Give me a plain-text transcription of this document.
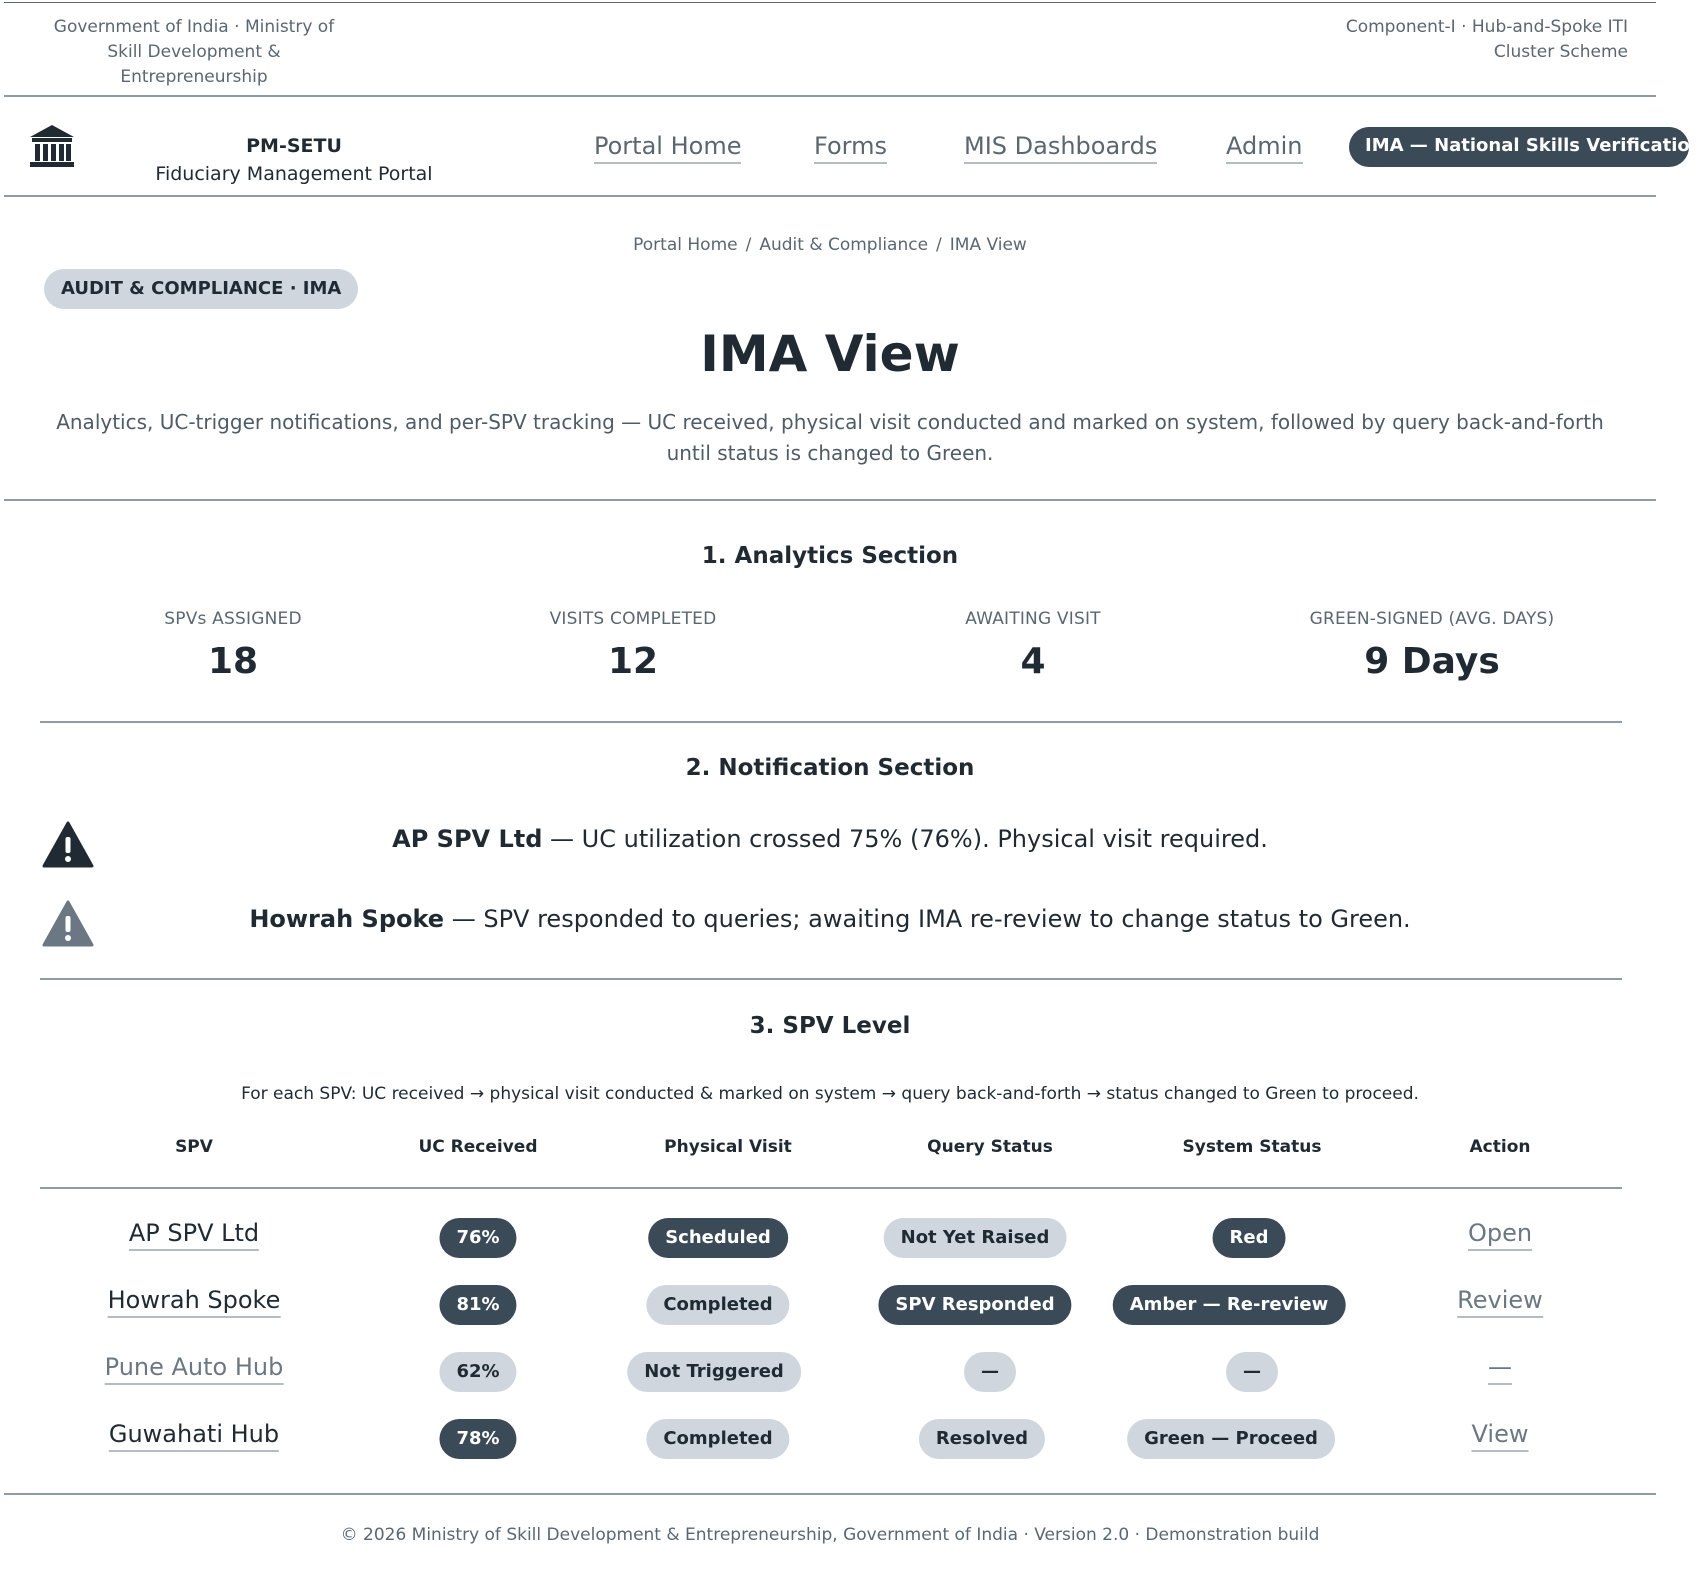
Government of India · Ministry of
Skill Development &
Entrepreneurship
Component-I · Hub-and-Spoke ITI
Cluster Scheme
PM-SETU
Fiduciary Management Portal
Portal Home	Forms	MIS Dashboards	Admin	IMA — National Skills Verification
Portal Home / Audit & Compliance / IMA View
AUDIT & COMPLIANCE · IMA
IMA View
Analytics, UC-trigger notifications, and per-SPV tracking — UC received, physical visit conducted and marked on system, followed by query back-and-forth until status is changed to Green.
1. Analytics Section
SPVs ASSIGNED
18
VISITS COMPLETED
12
AWAITING VISIT
4
GREEN-SIGNED (AVG. DAYS)
9 Days
2. Notification Section
AP SPV Ltd — UC utilization crossed 75% (76%). Physical visit required.
Howrah Spoke — SPV responded to queries; awaiting IMA re-review to change status to Green.
3. SPV Level
For each SPV: UC received → physical visit conducted & marked on system → query back-and-forth → status changed to Green to proceed.
SPV	UC Received	Physical Visit	Query Status	System Status	Action
AP SPV Ltd	76%	Scheduled	Not Yet Raised	Red	Open
Howrah Spoke	81%	Completed	SPV Responded	Amber — Re-review	Review
Pune Auto Hub	62%	Not Triggered	—	—	—
Guwahati Hub	78%	Completed	Resolved	Green — Proceed	View
© 2026 Ministry of Skill Development & Entrepreneurship, Government of India · Version 2.0 · Demonstration build
